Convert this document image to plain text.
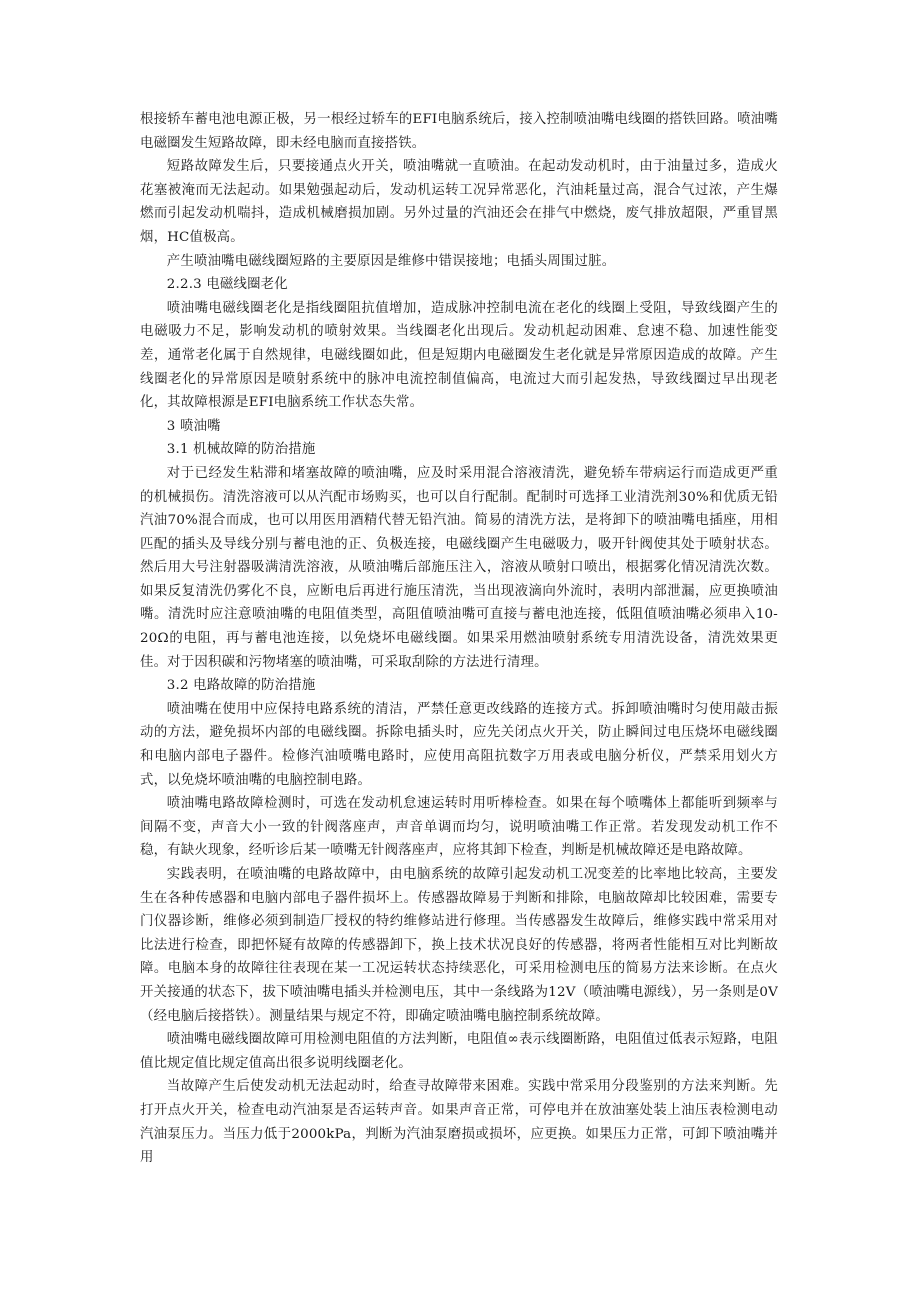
根接轿车蓄电池电源正极，另一根经过轿车的EFI电脑系统后，接入控制喷油嘴电线圈的搭铁回路。喷油嘴电磁圈发生短路故障，即未经电脑而直接搭铁。

短路故障发生后，只要接通点火开关，喷油嘴就一直喷油。在起动发动机时，由于油量过多，造成火花塞被淹而无法起动。如果勉强起动后，发动机运转工况异常恶化，汽油耗量过高，混合气过浓，产生爆燃而引起发动机喘抖，造成机械磨损加剧。另外过量的汽油还会在排气中燃烧，废气排放超限，严重冒黑烟，HC值极高。

产生喷油嘴电磁线圈短路的主要原因是维修中错误接地；电插头周围过脏。

2.2.3 电磁线圈老化

喷油嘴电磁线圈老化是指线圈阻抗值增加，造成脉冲控制电流在老化的线圈上受阻，导致线圈产生的电磁吸力不足，影响发动机的喷射效果。当线圈老化出现后。发动机起动困难、怠速不稳、加速性能变差，通常老化属于自然规律，电磁线圈如此，但是短期内电磁圈发生老化就是异常原因造成的故障。产生线圈老化的异常原因是喷射系统中的脉冲电流控制值偏高，电流过大而引起发热，导致线圈过早出现老化，其故障根源是EFI电脑系统工作状态失常。

3 喷油嘴

3.1 机械故障的防治措施

对于已经发生粘滞和堵塞故障的喷油嘴，应及时采用混合溶液清洗，避免轿车带病运行而造成更严重的机械损伤。清洗溶液可以从汽配市场购买，也可以自行配制。配制时可选择工业清洗剂30%和优质无铅汽油70%混合而成，也可以用医用酒精代替无铅汽油。简易的清洗方法，是将卸下的喷油嘴电插座，用相匹配的插头及导线分别与蓄电池的正、负极连接，电磁线圈产生电磁吸力，吸开针阀使其处于喷射状态。然后用大号注射器吸满清洗溶液，从喷油嘴后部施压注入，溶液从喷射口喷出，根据雾化情况清洗次数。如果反复清洗仍雾化不良，应断电后再进行施压清洗，当出现液滴向外流时，表明内部泄漏，应更换喷油嘴。清洗时应注意喷油嘴的电阻值类型，高阻值喷油嘴可直接与蓄电池连接，低阻值喷油嘴必须串入10-20Ω的电阻，再与蓄电池连接，以免烧坏电磁线圈。如果采用燃油喷射系统专用清洗设备，清洗效果更佳。对于因积碳和污物堵塞的喷油嘴，可采取刮除的方法进行清理。

3.2 电路故障的防治措施

喷油嘴在使用中应保持电路系统的清洁，严禁任意更改线路的连接方式。拆卸喷油嘴时匀使用敲击振动的方法，避免损坏内部的电磁线圈。拆除电插头时，应先关闭点火开关，防止瞬间过电压烧坏电磁线圈和电脑内部电子器件。检修汽油喷嘴电路时，应使用高阻抗数字万用表或电脑分析仪，严禁采用划火方式，以免烧坏喷油嘴的电脑控制电路。

喷油嘴电路故障检测时，可选在发动机怠速运转时用听棒检查。如果在每个喷嘴体上都能听到频率与间隔不变，声音大小一致的针阀落座声，声音单调而均匀，说明喷油嘴工作正常。若发现发动机工作不稳，有缺火现象，经听诊后某一喷嘴无针阀落座声，应将其卸下检查，判断是机械故障还是电路故障。

实践表明，在喷油嘴的电路故障中，由电脑系统的故障引起发动机工况变差的比率地比较高，主要发生在各种传感器和电脑内部电子器件损坏上。传感器故障易于判断和排除，电脑故障却比较困难，需要专门仪器诊断，维修必须到制造厂授权的特约维修站进行修理。当传感器发生故障后，维修实践中常采用对比法进行检查，即把怀疑有故障的传感器卸下，换上技术状况良好的传感器，将两者性能相互对比判断故障。电脑本身的故障往往表现在某一工况运转状态持续恶化，可采用检测电压的简易方法来诊断。在点火开关接通的状态下，拔下喷油嘴电插头并检测电压，其中一条线路为12V（喷油嘴电源线），另一条则是0V（经电脑后接搭铁）。测量结果与规定不符，即确定喷油嘴电脑控制系统故障。

喷油嘴电磁线圈故障可用检测电阻值的方法判断，电阻值∞表示线圈断路，电阻值过低表示短路，电阻值比规定值比规定值高出很多说明线圈老化。

当故障产生后使发动机无法起动时，给查寻故障带来困难。实践中常采用分段鉴别的方法来判断。先打开点火开关，检查电动汽油泵是否运转声音。如果声音正常，可停电并在放油塞处装上油压表检测电动汽油泵压力。当压力低于2000kPa，判断为汽油泵磨损或损坏，应更换。如果压力正常，可卸下喷油嘴并用
